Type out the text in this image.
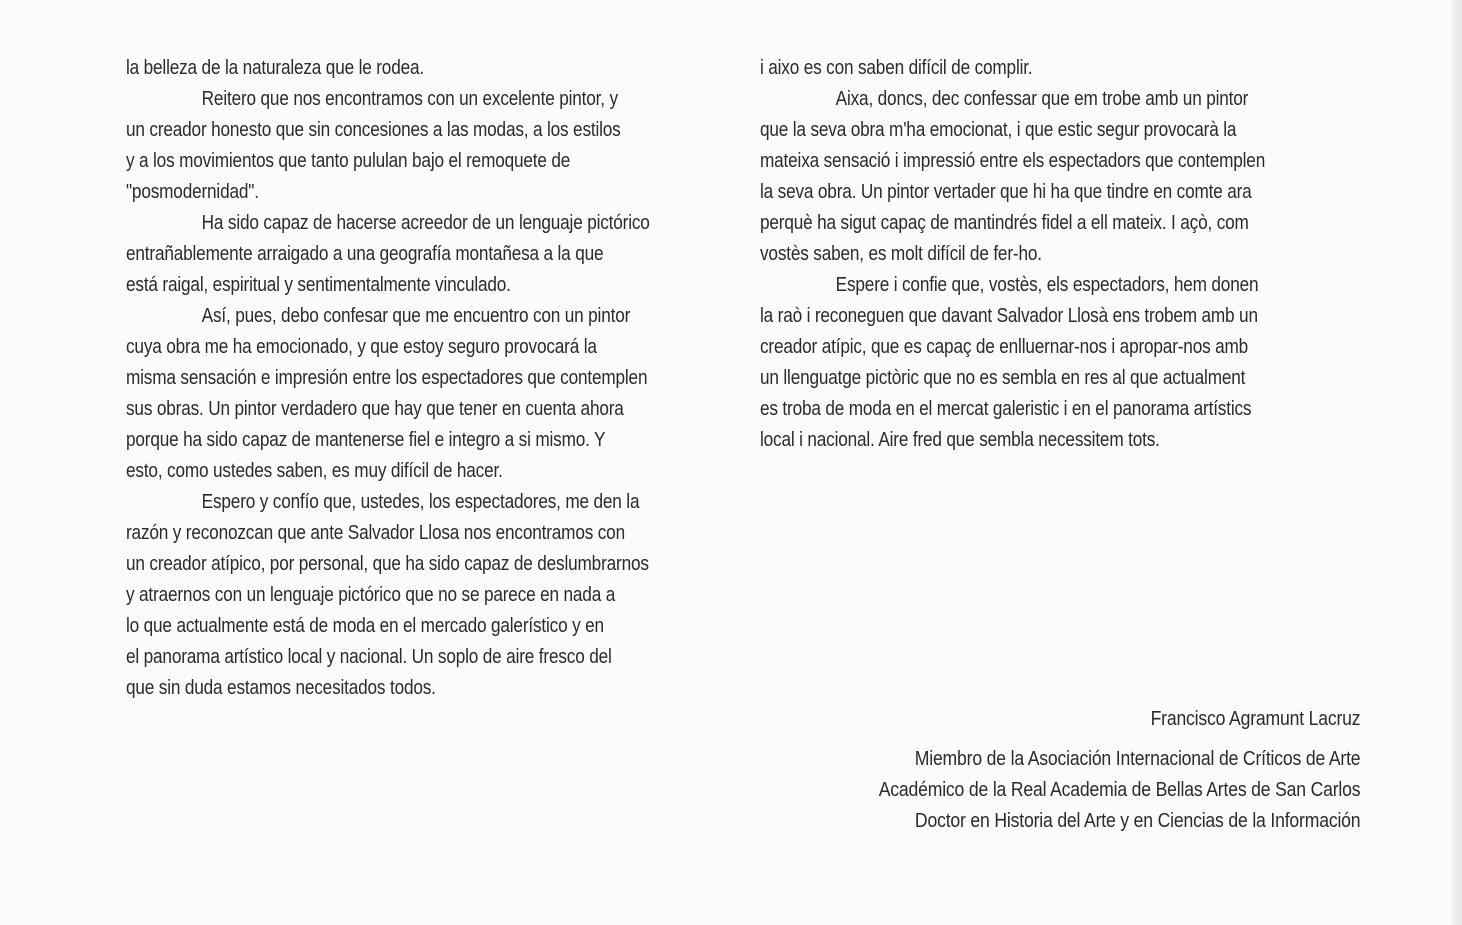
la belleza de la naturaleza que le rodea.
Reitero que nos encontramos con un excelente pintor, y
un creador honesto que sin concesiones a las modas, a los estilos
y a los movimientos que tanto pululan bajo el remoquete de
"posmodernidad".
Ha sido capaz de hacerse acreedor de un lenguaje pictórico
entrañablemente arraigado a una geografía montañesa a la que
está raigal, espiritual y sentimentalmente vinculado.
Así, pues, debo confesar que me encuentro con un pintor
cuya obra me ha emocionado, y que estoy seguro provocará la
misma sensación e impresión entre los espectadores que contemplen
sus obras. Un pintor verdadero que hay que tener en cuenta ahora
porque ha sido capaz de mantenerse fiel e integro a si mismo. Y
esto, como ustedes saben, es muy difícil de hacer.
Espero y confío que, ustedes, los espectadores, me den la
razón y reconozcan que ante Salvador Llosa nos encontramos con
un creador atípico, por personal, que ha sido capaz de deslumbrarnos
y atraernos con un lenguaje pictórico que no se parece en nada a
lo que actualmente está de moda en el mercado galerístico y en
el panorama artístico local y nacional. Un soplo de aire fresco del
que sin duda estamos necesitados todos.
i aixo es con saben difícil de complir.
Aixa, doncs, dec confessar que em trobe amb un pintor
que la seva obra m'ha emocionat, i que estic segur provocarà la
mateixa sensació i impressió entre els espectadors que contemplen
la seva obra. Un pintor vertader que hi ha que tindre en comte ara
perquè ha sigut capaç de mantindrés fidel a ell mateix. I açò, com
vostès saben, es molt difícil de fer-ho.
Espere i confie que, vostès, els espectadors, hem donen
la raò i reconeguen que davant Salvador Llosà ens trobem amb un
creador atípic, que es capaç de enlluernar-nos i apropar-nos amb
un llenguatge pictòric que no es sembla en res al que actualment
es troba de moda en el mercat galeristic i en el panorama artístics
local i nacional. Aire fred que sembla necessitem tots.
Francisco Agramunt Lacruz
Miembro de la Asociación Internacional de Críticos de Arte
Académico de la Real Academia de Bellas Artes de San Carlos
Doctor en Historia del Arte y en Ciencias de la Información
